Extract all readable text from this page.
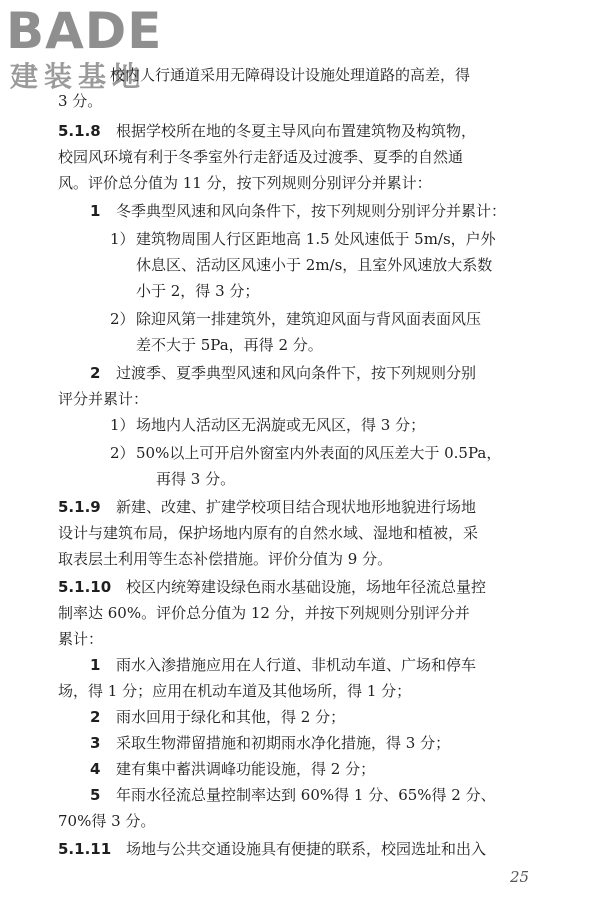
BADE
建装基地
校内人行通道采用无障碍设计设施处理道路的高差，得
3 分。
5.1.8 根据学校所在地的冬夏主导风向布置建筑物及构筑物，
校园风环境有利于冬季室外行走舒适及过渡季、夏季的自然通
风。评价总分值为 11 分，按下列规则分别评分并累计：
1 冬季典型风速和风向条件下，按下列规则分别评分并累计：
1） 建筑物周围人行区距地高 1.5 处风速低于 5m/s，户外
休息区、活动区风速小于 2m/s，且室外风速放大系数
小于 2，得 3 分；
2） 除迎风第一排建筑外，建筑迎风面与背风面表面风压
差不大于 5Pa，再得 2 分。
2 过渡季、夏季典型风速和风向条件下，按下列规则分别
评分并累计：
1） 场地内人活动区无涡旋或无风区，得 3 分；
2） 50%以上可开启外窗室内外表面的风压差大于 0.5Pa，
再得 3 分。
5.1.9 新建、改建、扩建学校项目结合现状地形地貌进行场地
设计与建筑布局，保护场地内原有的自然水域、湿地和植被，采
取表层土利用等生态补偿措施。评价分值为 9 分。
5.1.10 校区内统筹建设绿色雨水基础设施，场地年径流总量控
制率达 60%。评价总分值为 12 分，并按下列规则分别评分并
累计：
1 雨水入渗措施应用在人行道、非机动车道、广场和停车
场，得 1 分；应用在机动车道及其他场所，得 1 分；
2 雨水回用于绿化和其他，得 2 分；
3 采取生物滞留措施和初期雨水净化措施，得 3 分；
4 建有集中蓄洪调峰功能设施，得 2 分；
5 年雨水径流总量控制率达到 60%得 1 分、65%得 2 分、
70%得 3 分。
5.1.11 场地与公共交通设施具有便捷的联系，校园选址和出入
25
